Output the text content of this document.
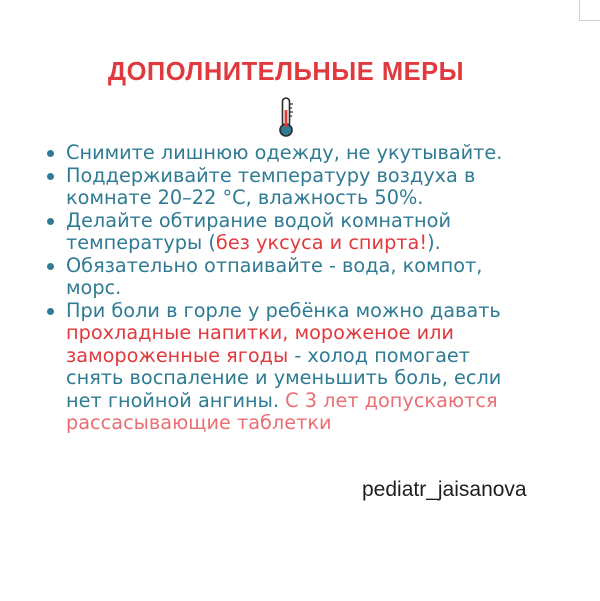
ДОПОЛНИТЕЛЬНЫЕ МЕРЫ
Снимите лишнюю одежду, не укутывайте.
Поддерживайте температуру воздуха в
комнате 20–22 °C, влажность 50%.
Делайте обтирание водой комнатной
температуры (без уксуса и спирта!).
Обязательно отпаивайте - вода, компот,
морс.
При боли в горле у ребёнка можно давать
прохладные напитки, мороженое или
замороженные ягоды - холод помогает
снять воспаление и уменьшить боль, если
нет гнойной ангины. С 3 лет допускаются
рассасывающие таблетки
pediatr_jaisanova
